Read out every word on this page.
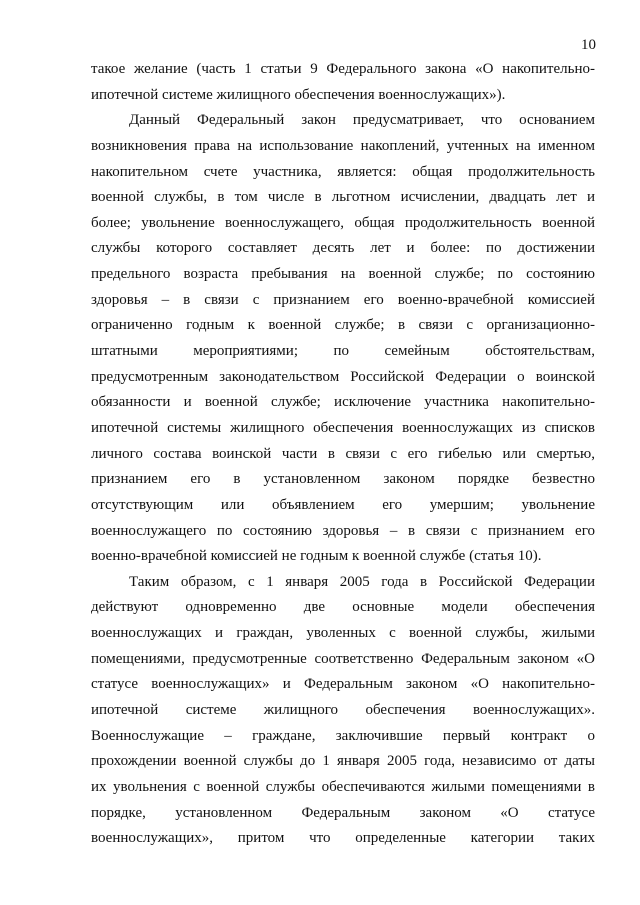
10
такое желание (часть 1 статьи 9 Федерального закона «О накопительно-
ипотечной системе жилищного обеспечения военнослужащих»).
Данный Федеральный закон предусматривает, что основанием
возникновения права на использование накоплений, учтенных на именном
накопительном счете участника, является: общая продолжительность
военной службы, в том числе в льготном исчислении, двадцать лет и
более; увольнение военнослужащего, общая продолжительность военной
службы которого составляет десять лет и более: по достижении
предельного возраста пребывания на военной службе; по состоянию
здоровья – в связи с признанием его военно-врачебной комиссией
ограниченно годным к военной службе; в связи с организационно-
штатными мероприятиями; по семейным обстоятельствам,
предусмотренным законодательством Российской Федерации о воинской
обязанности и военной службе; исключение участника накопительно-
ипотечной системы жилищного обеспечения военнослужащих из списков
личного состава воинской части в связи с его гибелью или смертью,
признанием его в установленном законом порядке безвестно
отсутствующим или объявлением его умершим; увольнение
военнослужащего по состоянию здоровья – в связи с признанием его
военно-врачебной комиссией не годным к военной службе (статья 10).
Таким образом, с 1 января 2005 года в Российской Федерации
действуют одновременно две основные модели обеспечения
военнослужащих и граждан, уволенных с военной службы, жилыми
помещениями, предусмотренные соответственно Федеральным законом «О
статусе военнослужащих» и Федеральным законом «О накопительно-
ипотечной системе жилищного обеспечения военнослужащих».
Военнослужащие – граждане, заключившие первый контракт о
прохождении военной службы до 1 января 2005 года, независимо от даты
их увольнения с военной службы обеспечиваются жилыми помещениями в
порядке, установленном Федеральным законом «О статусе
военнослужащих», притом что определенные категории таких
